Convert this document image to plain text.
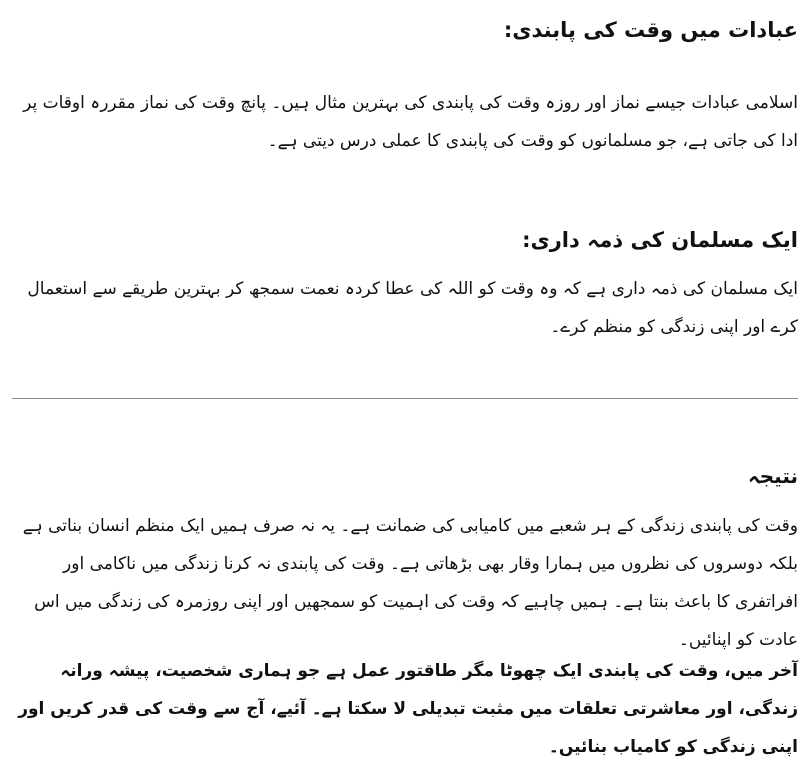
عبادات میں وقت کی پابندی:

اسلامی عبادات جیسے نماز اور روزہ وقت کی پابندی کی بہترین مثال ہیں۔ پانچ وقت کی نماز مقررہ اوقات پر ادا کی جاتی ہے، جو مسلمانوں کو وقت کی پابندی کا عملی درس دیتی ہے۔

ایک مسلمان کی ذمہ داری:

ایک مسلمان کی ذمہ داری ہے کہ وہ وقت کو اللہ کی عطا کردہ نعمت سمجھ کر بہترین طریقے سے استعمال کرے اور اپنی زندگی کو منظم کرے۔

نتیجہ

وقت کی پابندی زندگی کے ہر شعبے میں کامیابی کی ضمانت ہے۔ یہ نہ صرف ہمیں ایک منظم انسان بناتی ہے بلکہ دوسروں کی نظروں میں ہمارا وقار بھی بڑھاتی ہے۔ وقت کی پابندی نہ کرنا زندگی میں ناکامی اور افراتفری کا باعث بنتا ہے۔ ہمیں چاہیے کہ وقت کی اہمیت کو سمجھیں اور اپنی روزمرہ کی زندگی میں اس عادت کو اپنائیں۔

آخر میں، وقت کی پابندی ایک چھوٹا مگر طاقتور عمل ہے جو ہماری شخصیت، پیشہ ورانہ زندگی، اور معاشرتی تعلقات میں مثبت تبدیلی لا سکتا ہے۔ آئیے، آج سے وقت کی قدر کریں اور اپنی زندگی کو کامیاب بنائیں۔
